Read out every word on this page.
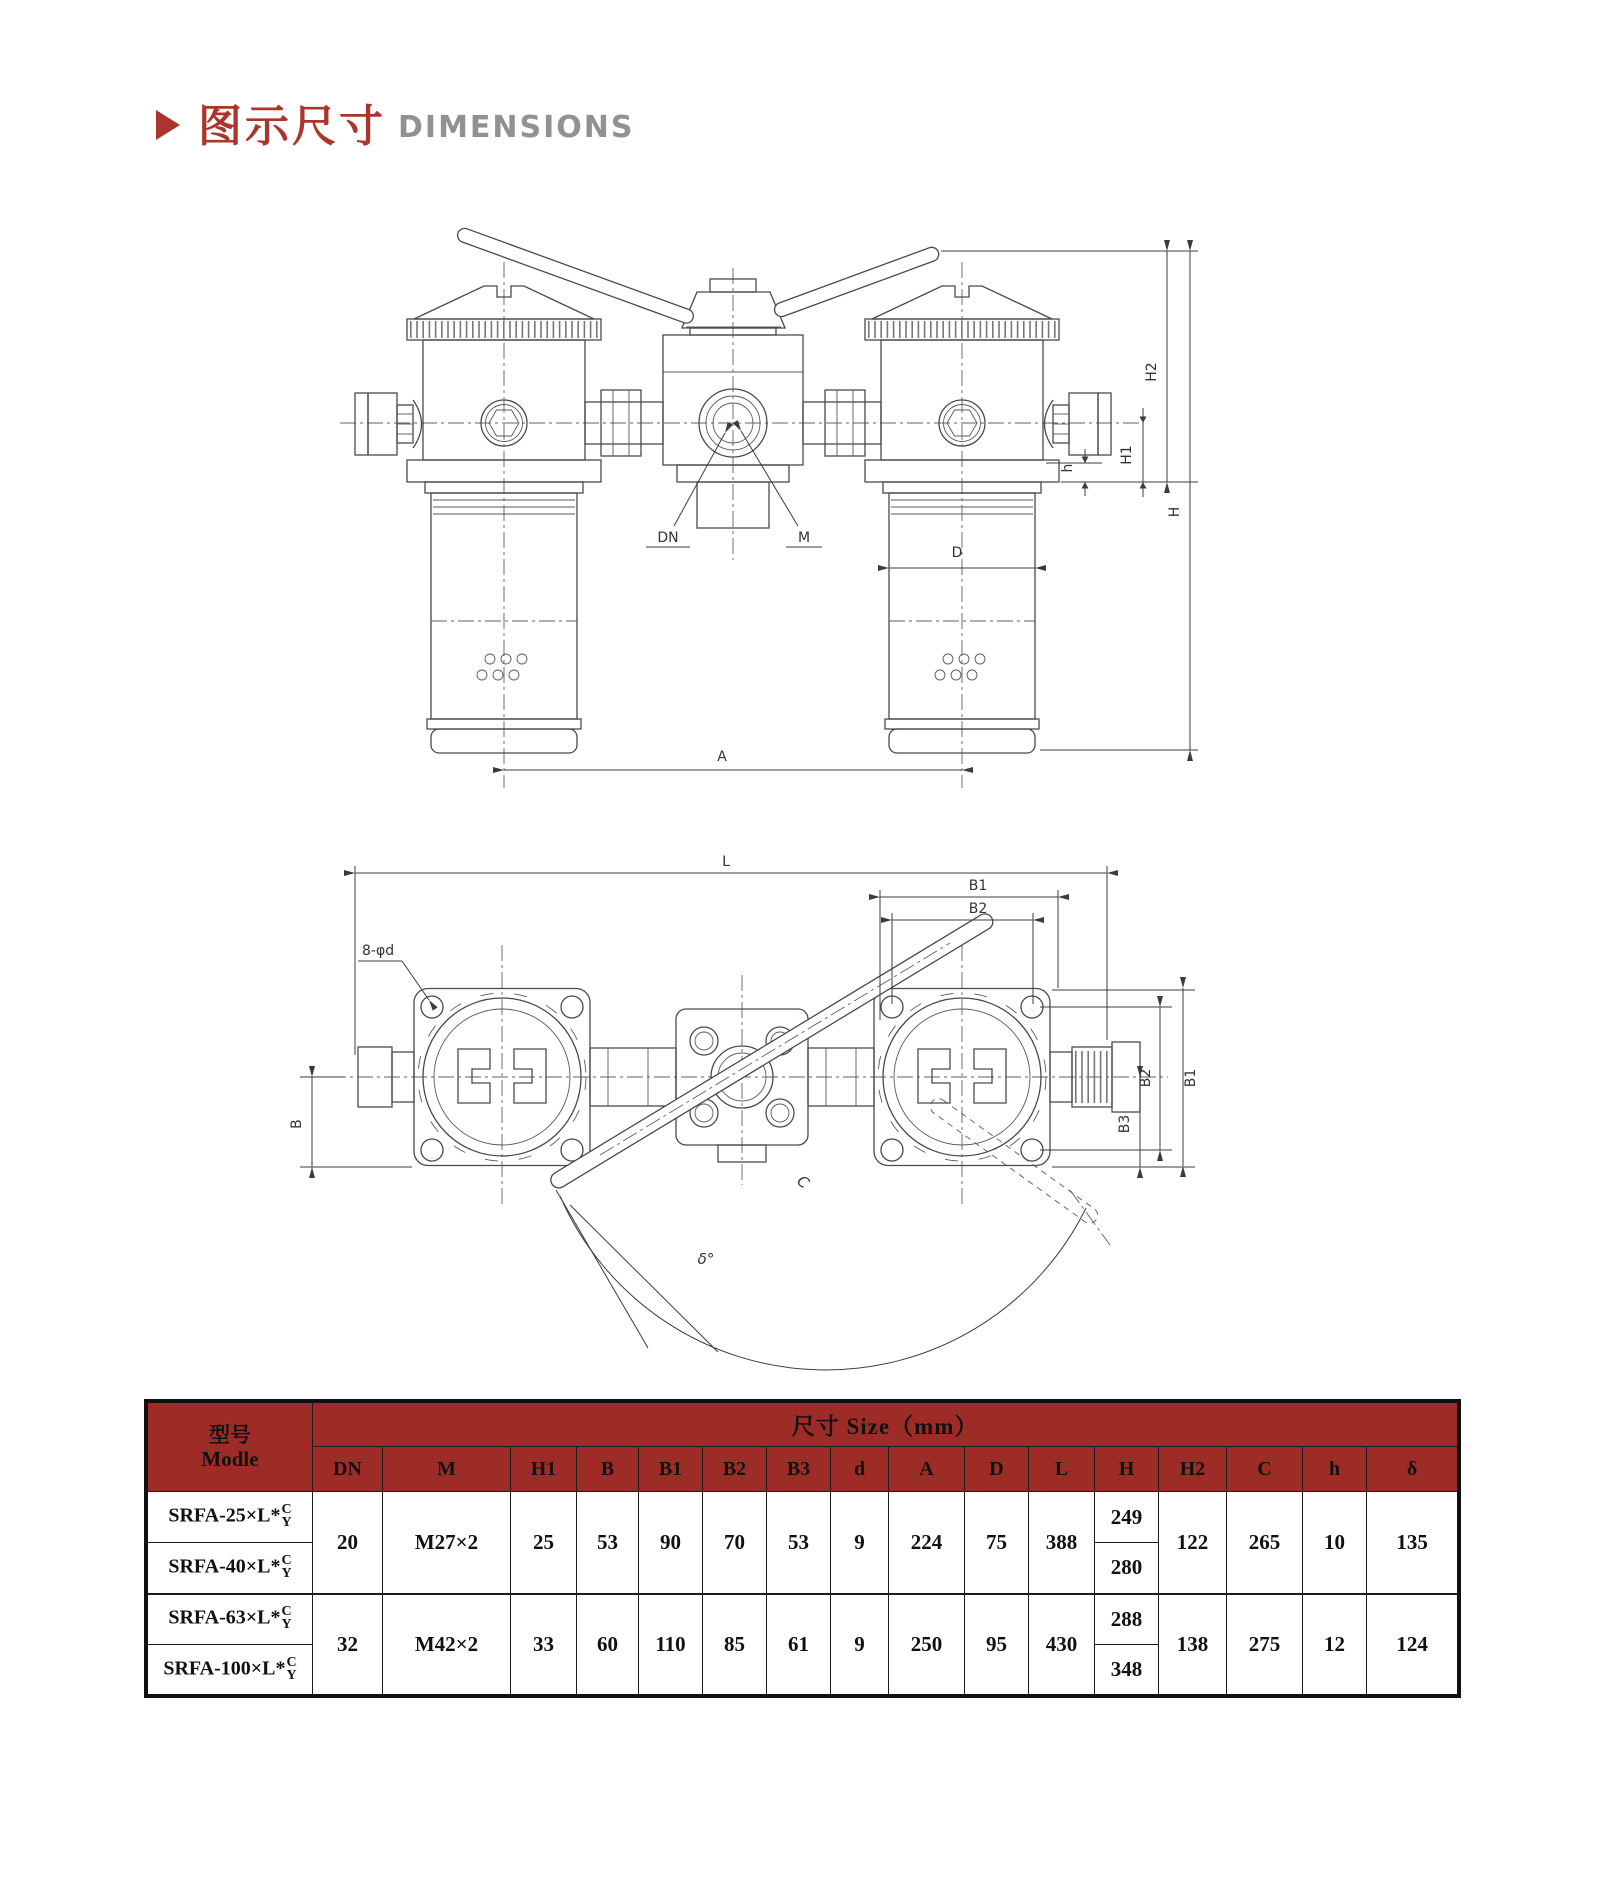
图示尺寸 DIMENSIONS
DN	M
D
A
h
H1
H2
H
C
δ°
8-φd
L
B1
B2
B	B3
B2 B1
型号
Modle	尺寸 Size（mm）															
	DN	M	H1	B	B1	B2	B3	d	A	D	L	H	H2	C	h	δ
SRFA-25×L* C
Y	20	M27×2	25	53	90	70	53	9	224	75	388	249	122	265	10	135
SRFA-40×L* C
Y												280				
SRFA-63×L* C
Y	32	M42×2	33	60	110	85	61	9	250	95	430	288	138	275	12	124
SRFA-100×L* C
Y												348				
